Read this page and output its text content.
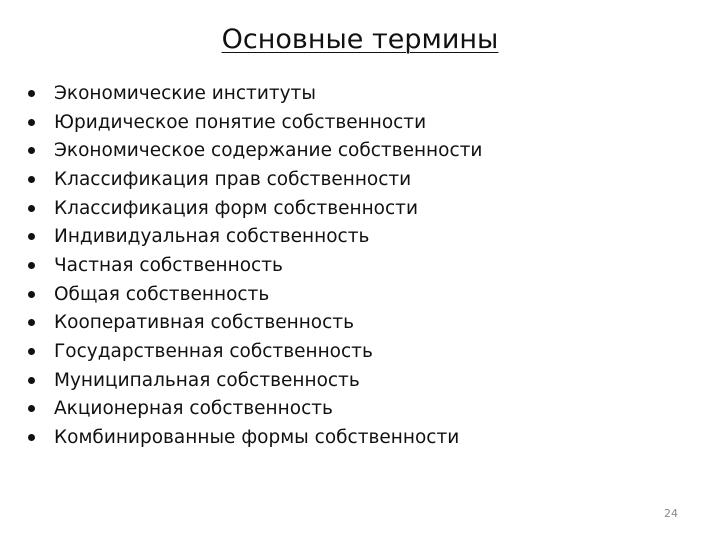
Основные термины
Экономические институты
Юридическое понятие собственности
Экономическое содержание собственности
Классификация прав собственности
Классификация форм собственности
Индивидуальная собственность
Частная собственность
Общая собственность
Кооперативная собственность
Государственная собственность
Муниципальная собственность
Акционерная собственность
Комбинированные формы собственности
24
